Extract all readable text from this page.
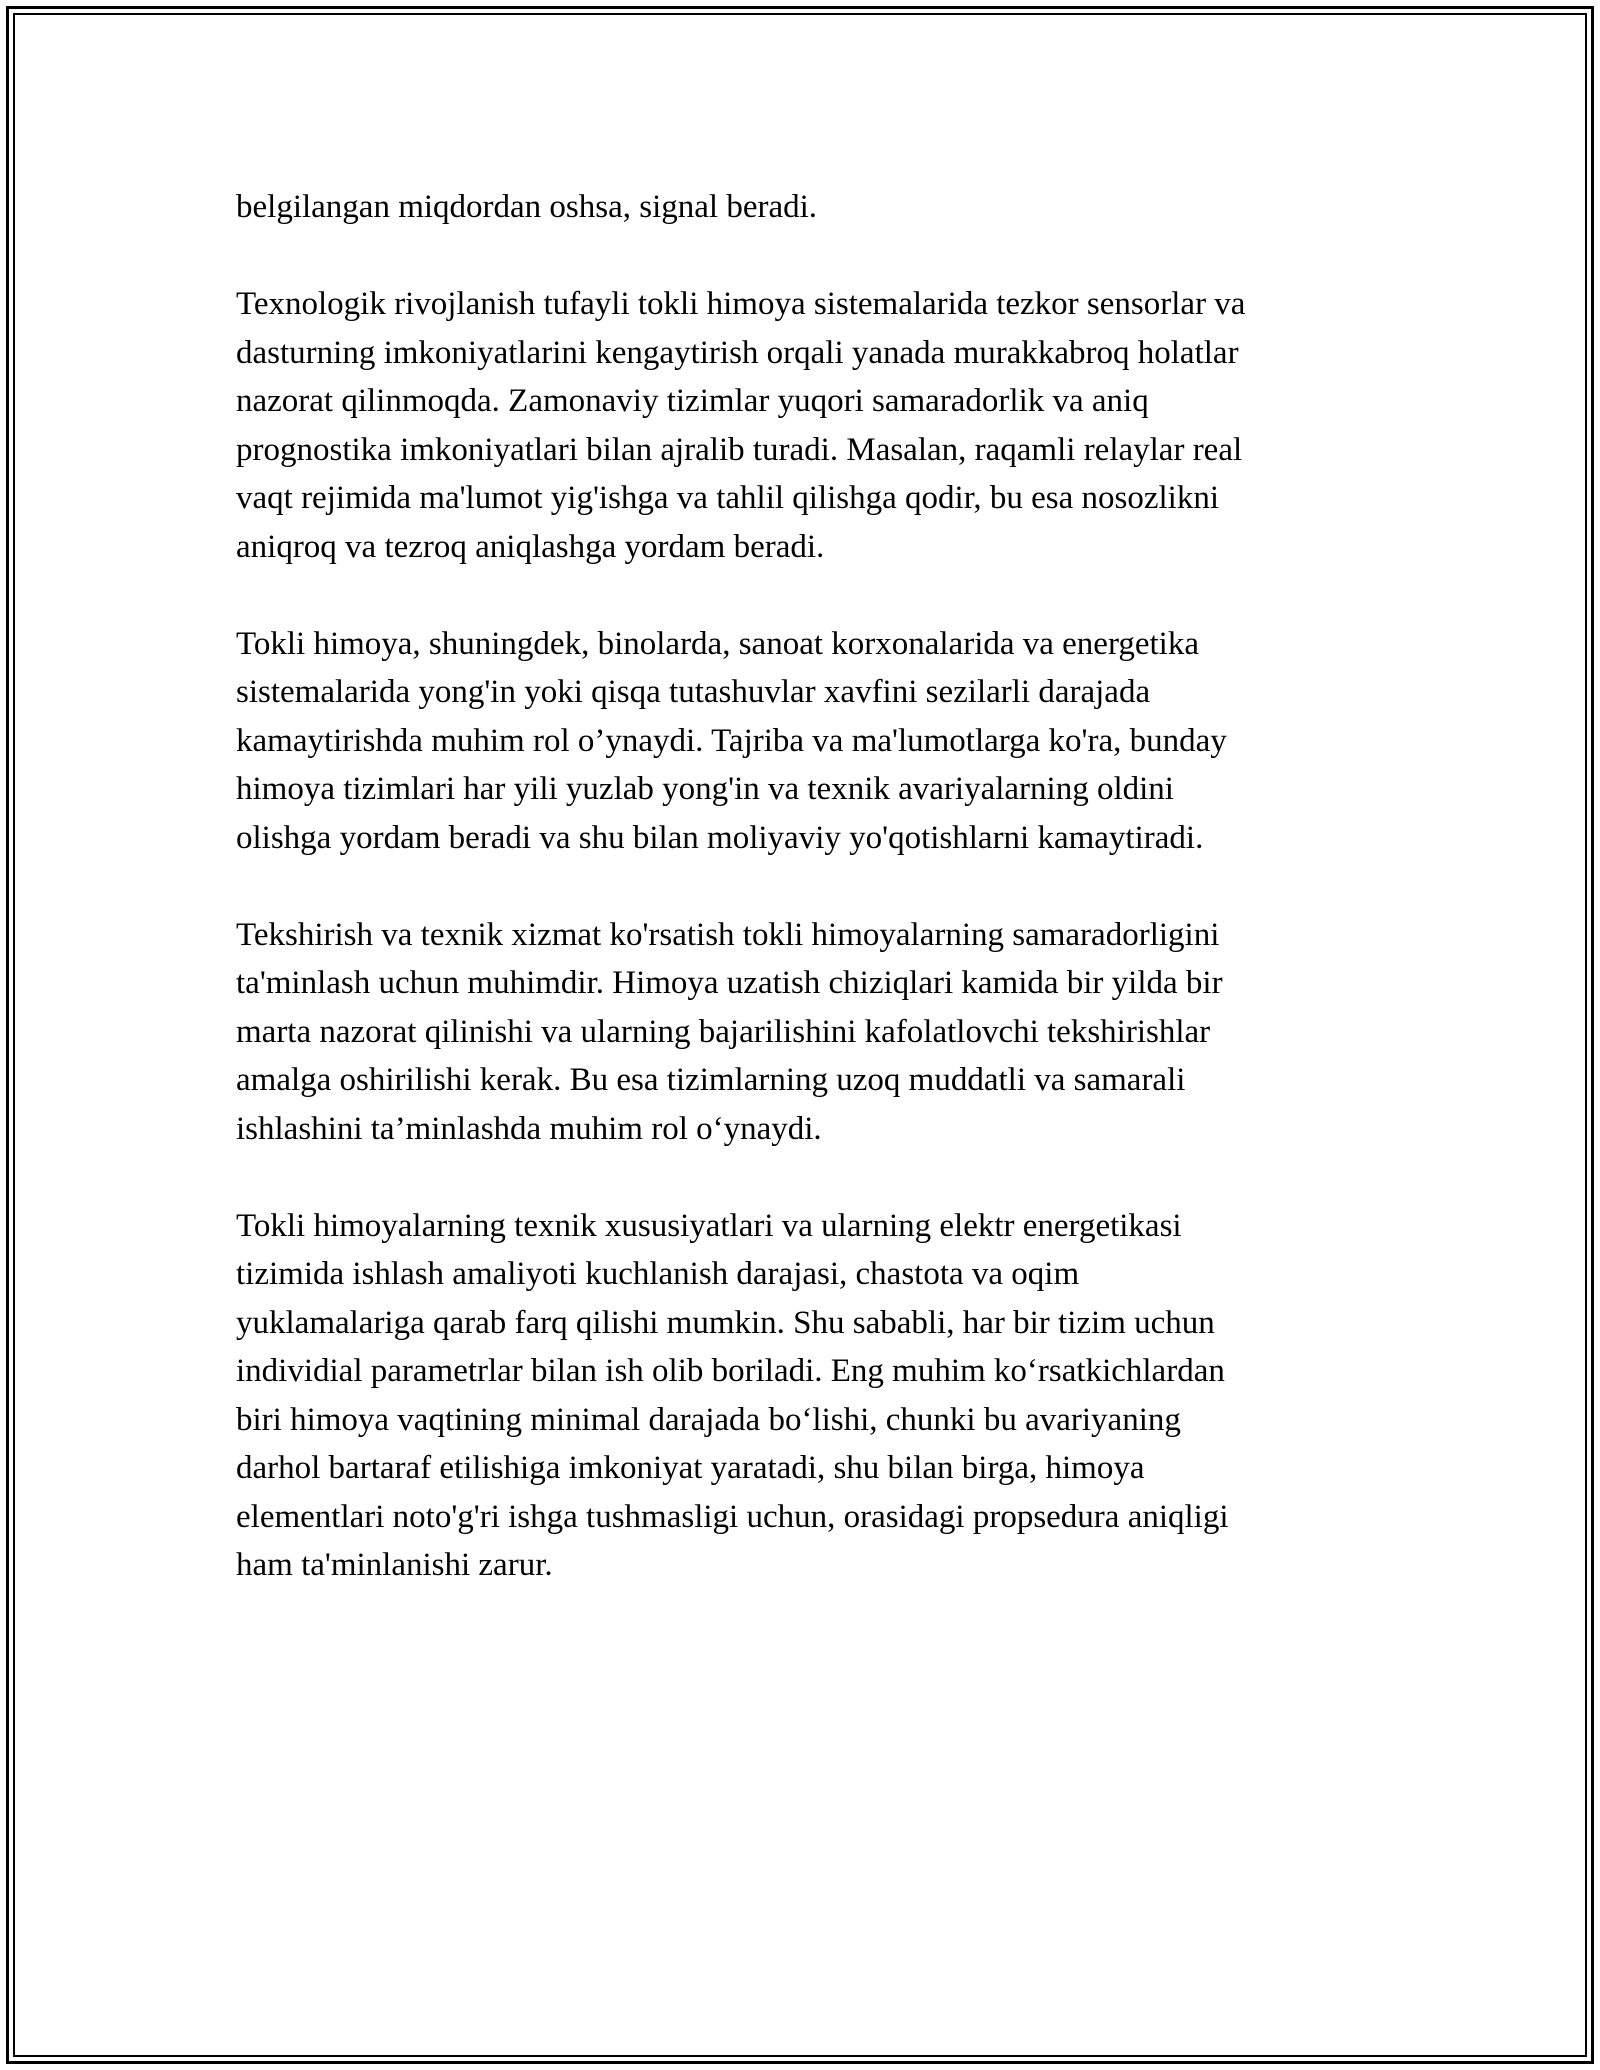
belgilangan miqdordan oshsa, signal beradi.

Texnologik rivojlanish tufayli tokli himoya sistemalarida tezkor sensorlar va
dasturning imkoniyatlarini kengaytirish orqali yanada murakkabroq holatlar
nazorat qilinmoqda. Zamonaviy tizimlar yuqori samaradorlik va aniq
prognostika imkoniyatlari bilan ajralib turadi. Masalan, raqamli relaylar real
vaqt rejimida ma'lumot yig'ishga va tahlil qilishga qodir, bu esa nosozlikni
aniqroq va tezroq aniqlashga yordam beradi.

Tokli himoya, shuningdek, binolarda, sanoat korxonalarida va energetika
sistemalarida yong'in yoki qisqa tutashuvlar xavfini sezilarli darajada
kamaytirishda muhim rol o’ynaydi. Tajriba va ma'lumotlarga ko'ra, bunday
himoya tizimlari har yili yuzlab yong'in va texnik avariyalarning oldini
olishga yordam beradi va shu bilan moliyaviy yo'qotishlarni kamaytiradi.

Tekshirish va texnik xizmat ko'rsatish tokli himoyalarning samaradorligini
ta'minlash uchun muhimdir. Himoya uzatish chiziqlari kamida bir yilda bir
marta nazorat qilinishi va ularning bajarilishini kafolatlovchi tekshirishlar
amalga oshirilishi kerak. Bu esa tizimlarning uzoq muddatli va samarali
ishlashini ta’minlashda muhim rol o‘ynaydi.

Tokli himoyalarning texnik xususiyatlari va ularning elektr energetikasi
tizimida ishlash amaliyoti kuchlanish darajasi, chastota va oqim
yuklamalariga qarab farq qilishi mumkin. Shu sababli, har bir tizim uchun
individial parametrlar bilan ish olib boriladi. Eng muhim ko‘rsatkichlardan
biri himoya vaqtining minimal darajada bo‘lishi, chunki bu avariyaning
darhol bartaraf etilishiga imkoniyat yaratadi, shu bilan birga, himoya
elementlari noto'g'ri ishga tushmasligi uchun, orasidagi propsedura aniqligi
ham ta'minlanishi zarur.
